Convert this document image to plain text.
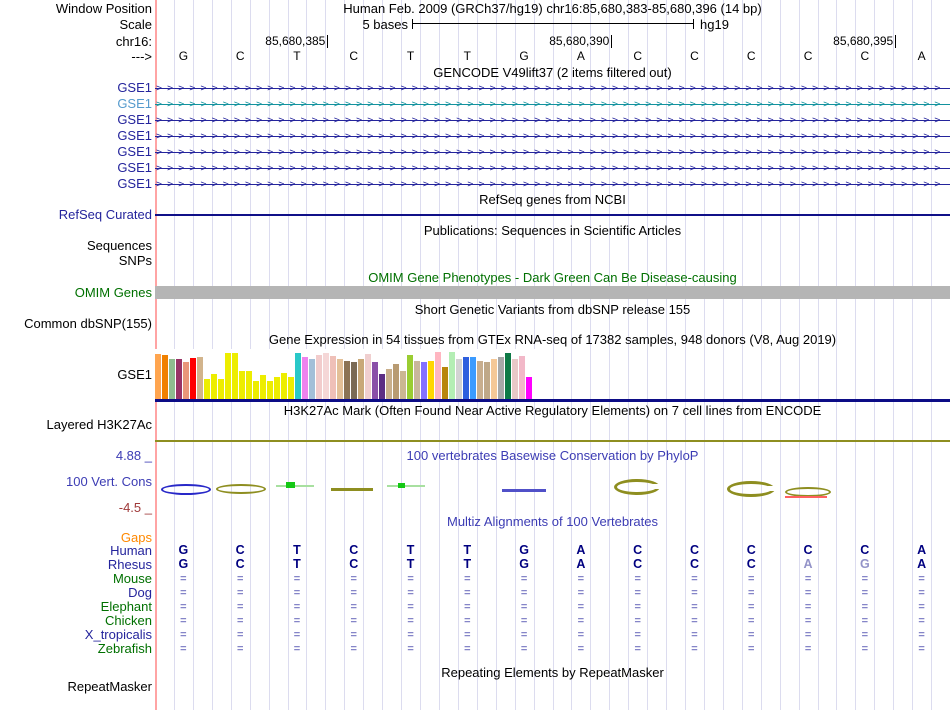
Window Position	Human Feb. 2009 (GRCh37/hg19) chr16:85,680,383-85,680,396 (14 bp)
Scale	5 bases	hg19
chr16:	85,680,385	85,680,390	85,680,395
--->	G	C	T	C	T	T	G	A	C	C	C	C	C	A
GENCODE V49lift37 (2 items filtered out)
GSE1 >>>>>>>>>>>>>>>>>>>>>>>>>>>>>>>>>>>>>>>>>>>>>>>>>>>>>>>>>>>>>>>>>>>>>>>
GSE1 >>>>>>>>>>>>>>>>>>>>>>>>>>>>>>>>>>>>>>>>>>>>>>>>>>>>>>>>>>>>>>>>>>>>>>>
GSE1 >>>>>>>>>>>>>>>>>>>>>>>>>>>>>>>>>>>>>>>>>>>>>>>>>>>>>>>>>>>>>>>>>>>>>>>
GSE1 >>>>>>>>>>>>>>>>>>>>>>>>>>>>>>>>>>>>>>>>>>>>>>>>>>>>>>>>>>>>>>>>>>>>>>>
GSE1 >>>>>>>>>>>>>>>>>>>>>>>>>>>>>>>>>>>>>>>>>>>>>>>>>>>>>>>>>>>>>>>>>>>>>>>
GSE1 >>>>>>>>>>>>>>>>>>>>>>>>>>>>>>>>>>>>>>>>>>>>>>>>>>>>>>>>>>>>>>>>>>>>>>>
GSE1 >>>>>>>>>>>>>>>>>>>>>>>>>>>>>>>>>>>>>>>>>>>>>>>>>>>>>>>>>>>>>>>>>>>>>>>
RefSeq genes from NCBI
RefSeq Curated
Publications: Sequences in Scientific Articles
Sequences
SNPs
OMIM Gene Phenotypes - Dark Green Can Be Disease-causing
OMIM Genes
Short Genetic Variants from dbSNP release 155
Common dbSNP(155)
Gene Expression in 54 tissues from GTEx RNA-seq of 17382 samples, 948 donors (V8, Aug 2019)
GSE1
H3K27Ac Mark (Often Found Near Active Regulatory Elements) on 7 cell lines from ENCODE
Layered H3K27Ac
4.88 _	100 vertebrates Basewise Conservation by PhyloP
100 Vert. Cons
-4.5 _
Multiz Alignments of 100 Vertebrates
Gaps
Human	G	C	T	C	T	T	G	A	C	C	C	C	C	A
Rhesus	G	C	T	C	T	T	G	A	C	C	C	A	G	A
Mouse	=	=	=	=	=	=	=	=	=	=	=	=	=	=
Dog	=	=	=	=	=	=	=	=	=	=	=	=	=	=
Elephant	=	=	=	=	=	=	=	=	=	=	=	=	=	=
Chicken	=	=	=	=	=	=	=	=	=	=	=	=	=	=
X_tropicalis	=	=	=	=	=	=	=	=	=	=	=	=	=	=
Zebrafish	=	=	=	=	=	=	=	=	=	=	=	=	=	=
Repeating Elements by RepeatMasker
RepeatMasker
